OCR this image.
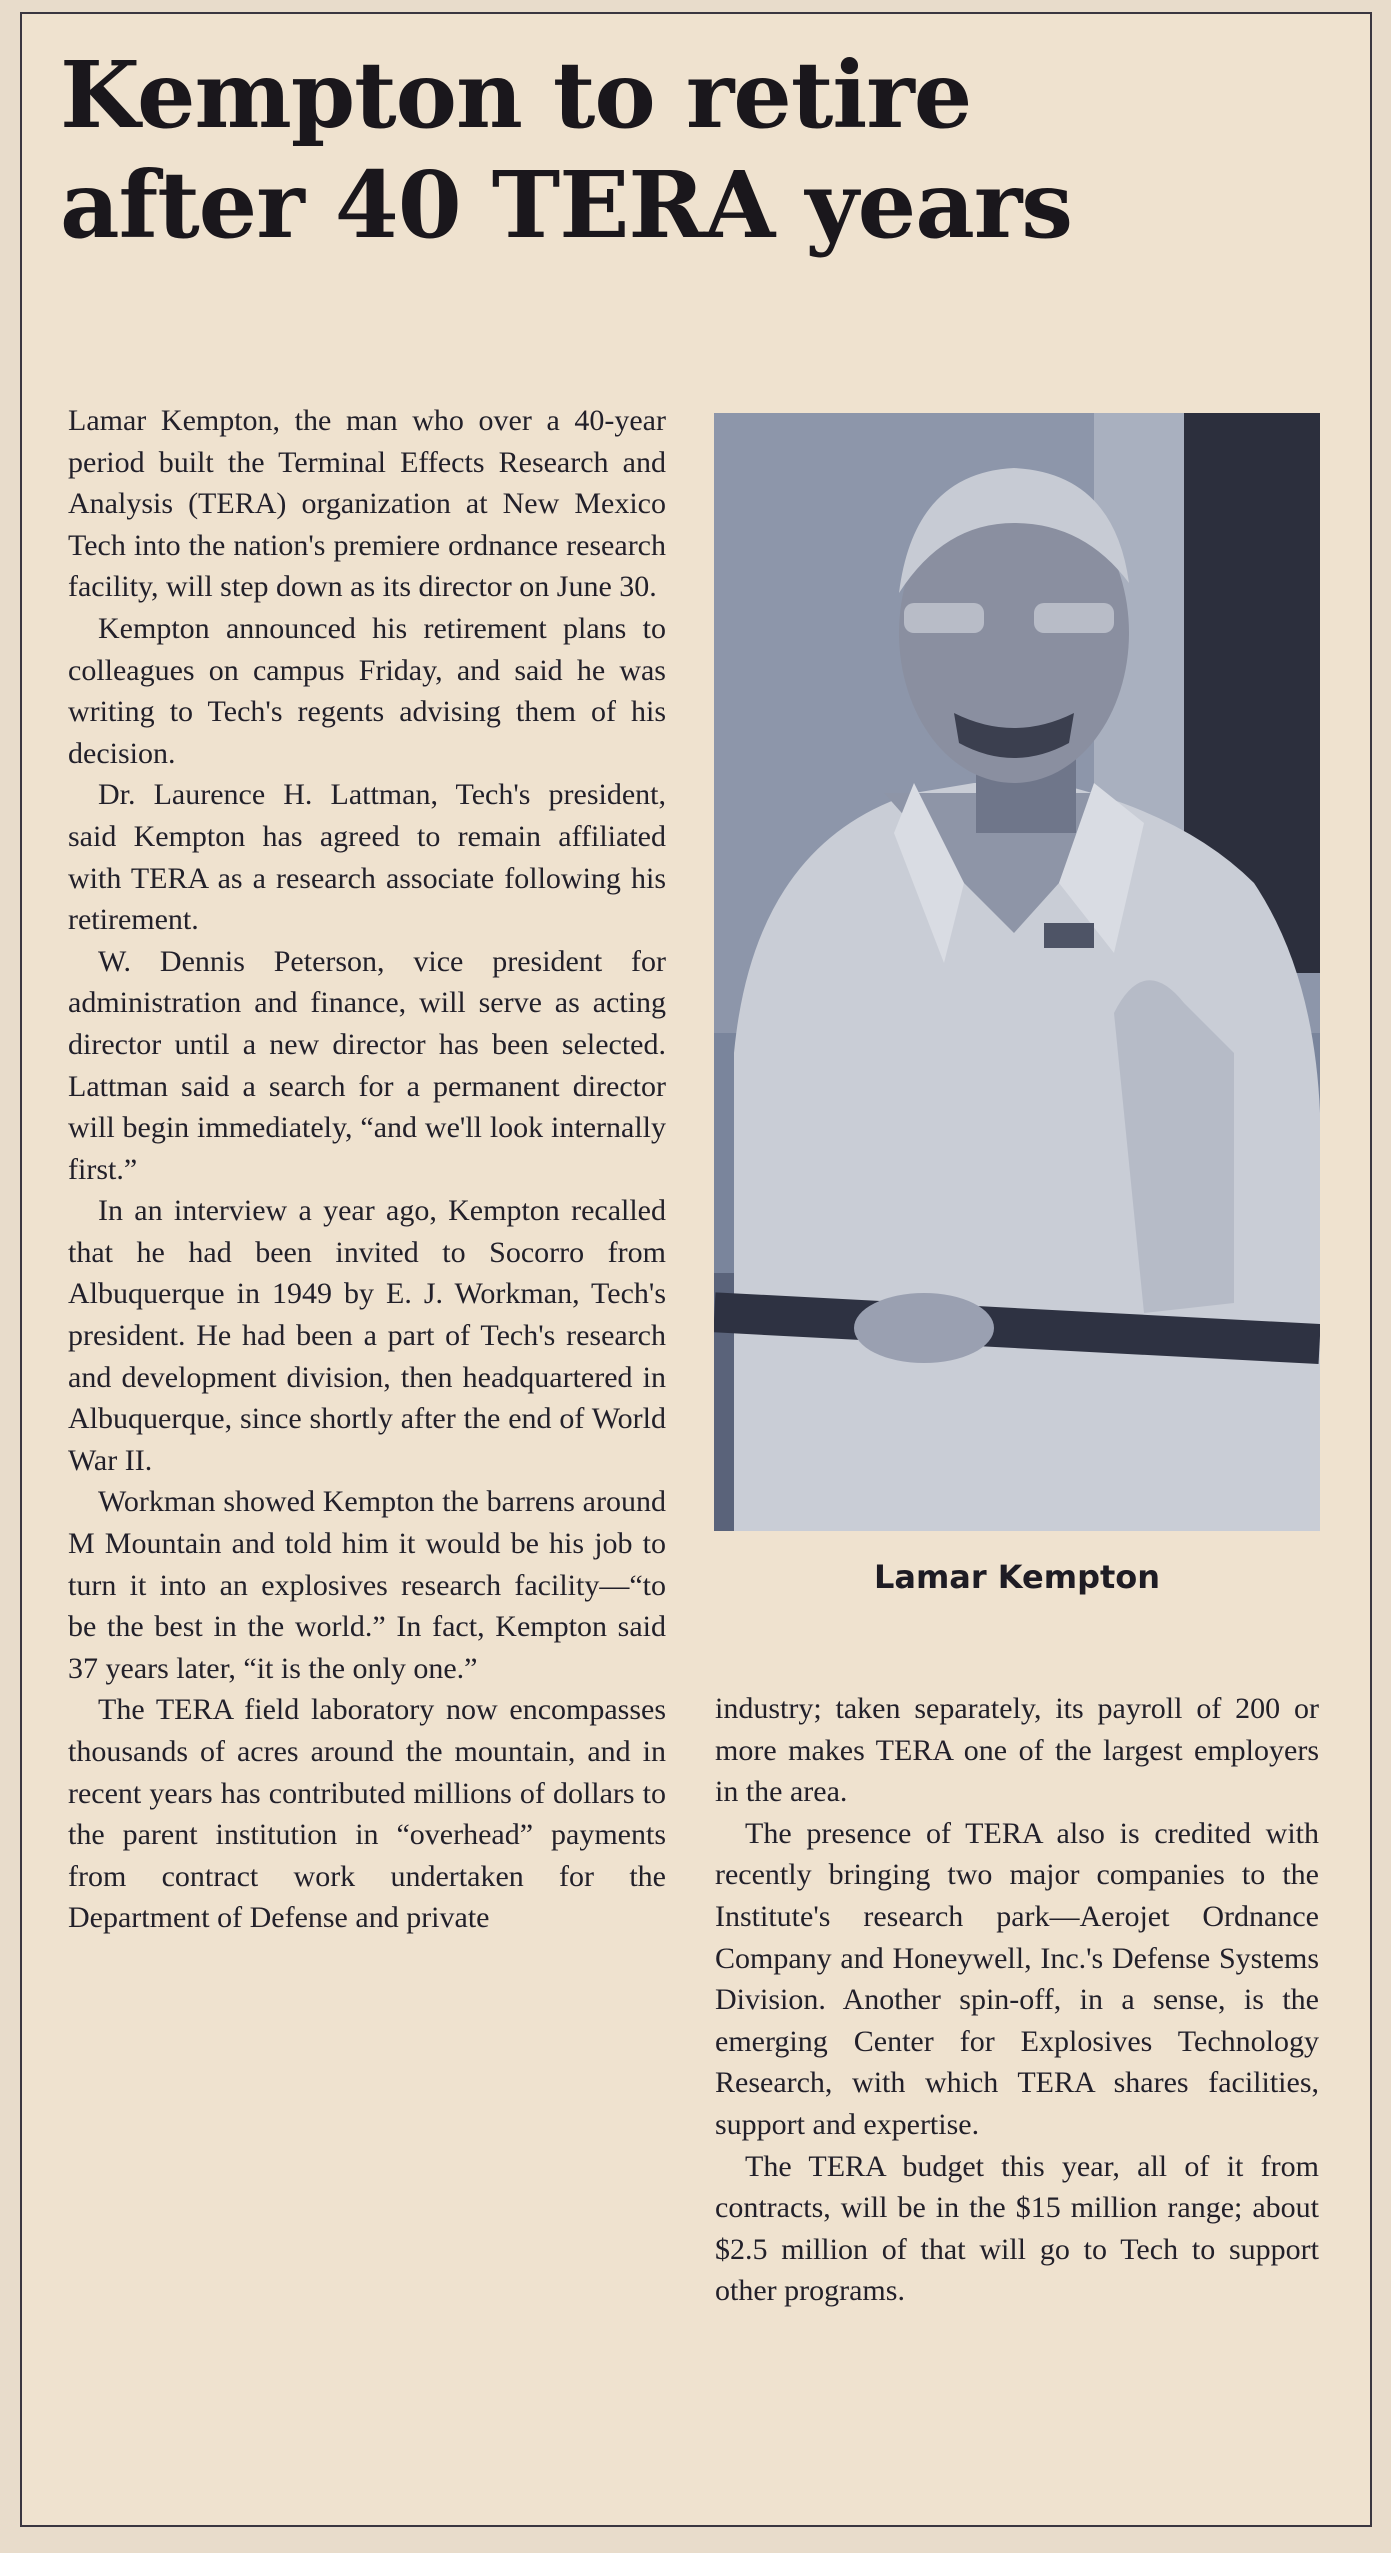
Kempton to retire
after 40 TERA years

Lamar Kempton, the man who over a 40-year period built the Terminal Effects Research and Analysis (TERA) organization at New Mexico Tech into the nation's premiere ordnance research facility, will step down as its director on June 30.

Kempton announced his retirement plans to colleagues on campus Friday, and said he was writing to Tech's regents advising them of his decision.

Dr. Laurence H. Lattman, Tech's president, said Kempton has agreed to remain affiliated with TERA as a research associate following his retirement.

W. Dennis Peterson, vice president for administration and finance, will serve as acting director until a new director has been selected. Lattman said a search for a permanent director will begin immediately, “and we'll look internally first.”

In an interview a year ago, Kempton recalled that he had been invited to Socorro from Albuquerque in 1949 by E. J. Workman, Tech's president. He had been a part of Tech's research and development division, then headquartered in Albuquerque, since shortly after the end of World War II.

Workman showed Kempton the barrens around M Mountain and told him it would be his job to turn it into an explosives research facility—“to be the best in the world.” In fact, Kempton said 37 years later, “it is the only one.”

The TERA field laboratory now encompasses thousands of acres around the mountain, and in recent years has contributed millions of dollars to the parent institution in “overhead” payments from contract work undertaken for the Department of Defense and private

Lamar Kempton

industry; taken separately, its payroll of 200 or more makes TERA one of the largest employers in the area.

The presence of TERA also is credited with recently bringing two major companies to the Institute's research park—Aerojet Ordnance Company and Honeywell, Inc.'s Defense Systems Division. Another spin-off, in a sense, is the emerging Center for Explosives Technology Research, with which TERA shares facilities, support and expertise.

The TERA budget this year, all of it from contracts, will be in the $15 million range; about $2.5 million of that will go to Tech to support other programs.
